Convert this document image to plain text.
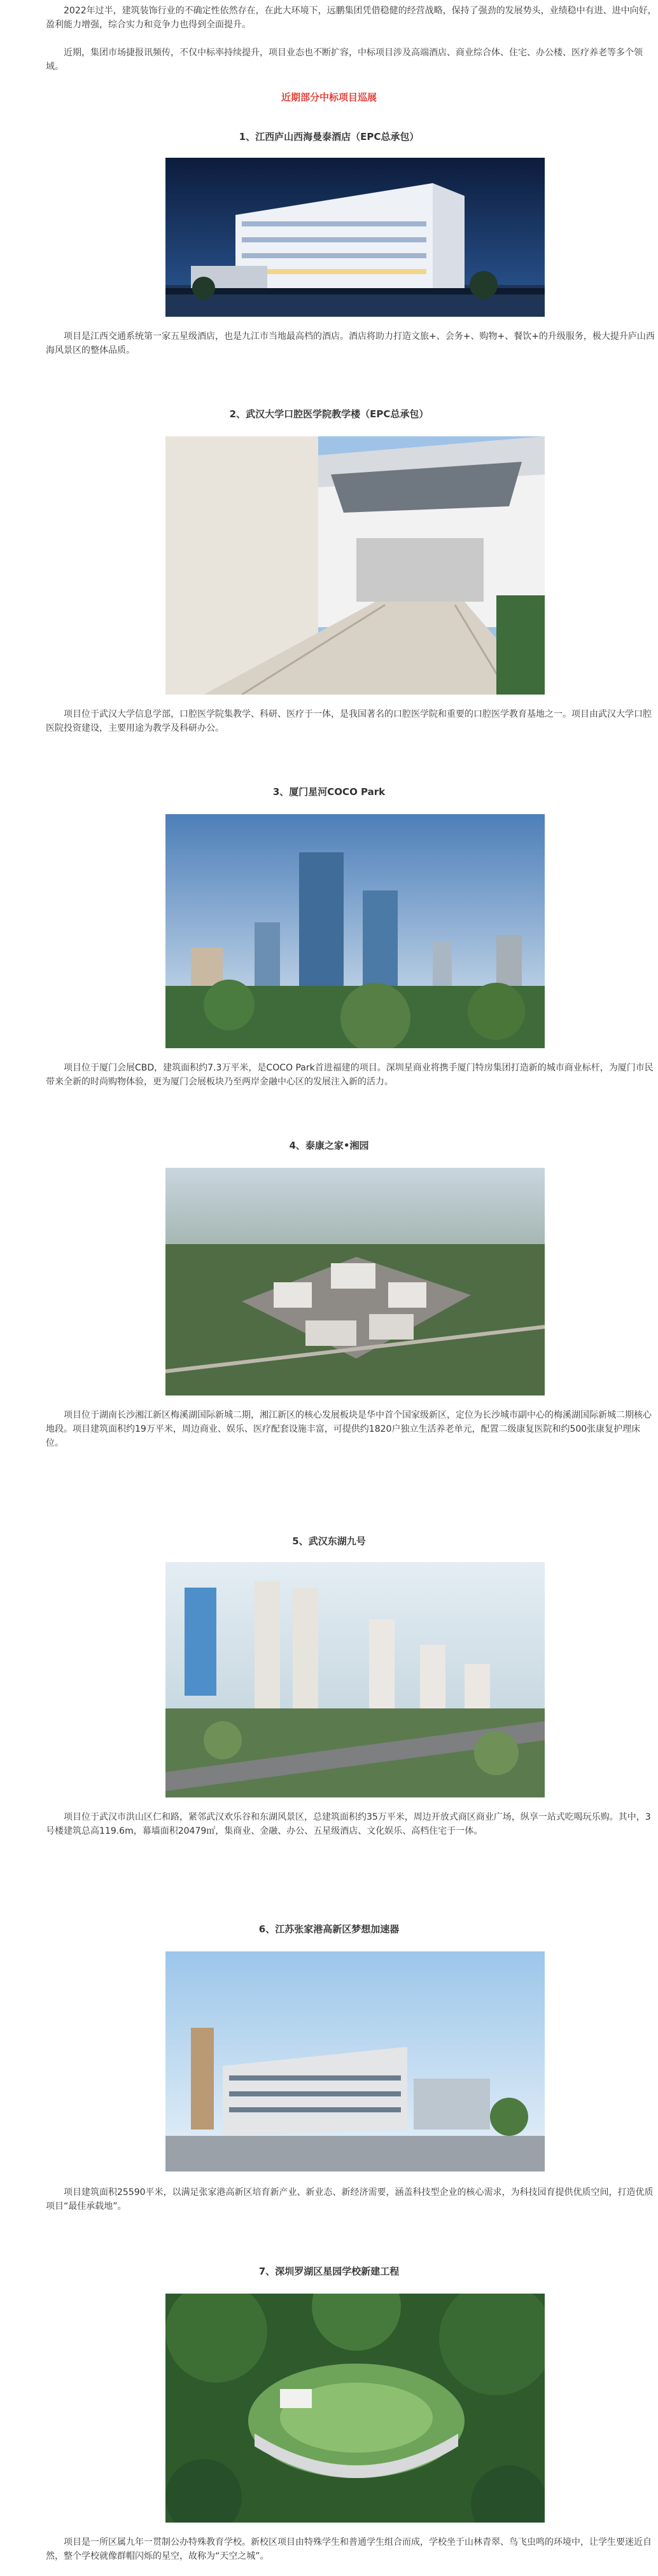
2022年过半，建筑装饰行业的不确定性依然存在，在此大环境下，远鹏集团凭借稳健的经营战略，保持了强劲的发展势头，业绩稳中有进、进中向好，盈利能力增强，综合实力和竞争力也得到全面提升。

近期，集团市场捷报讯频传，不仅中标率持续提升，项目业态也不断扩容，中标项目涉及高端酒店、商业综合体、住宅、办公楼、医疗养老等多个领域。

近期部分中标项目巡展
1、江西庐山西海曼泰酒店（EPC总承包）

项目是江西交通系统第一家五星级酒店，也是九江市当地最高档的酒店。酒店将助力打造文旅+、会务+、购物+、餐饮+的升级服务，极大提升庐山西海风景区的整体品质。

2、武汉大学口腔医学院教学楼（EPC总承包）

项目位于武汉大学信息学部，口腔医学院集教学、科研、医疗于一体，是我国著名的口腔医学院和重要的口腔医学教育基地之一。项目由武汉大学口腔医院投资建设，主要用途为教学及科研办公。

3、厦门星河COCO Park

项目位于厦门会展CBD，建筑面积约7.3万平米，是COCO Park首进福建的项目。深圳星商业将携手厦门特房集团打造新的城市商业标杆，为厦门市民带来全新的时尚购物体验，更为厦门会展板块乃至两岸金融中心区的发展注入新的活力。

4、泰康之家•湘园

项目位于湖南长沙湘江新区梅溪湖国际新城二期，湘江新区的核心发展板块是华中首个国家级新区，定位为长沙城市副中心的梅溪湖国际新城二期核心地段。项目建筑面积约19万平米，周边商业、娱乐、医疗配套设施丰富，可提供约1820户独立生活养老单元，配置二级康复医院和约500张康复护理床位。

5、武汉东湖九号

项目位于武汉市洪山区仁和路，紧邻武汉欢乐谷和东湖风景区，总建筑面积约35万平米，周边开放式商区商业广场，纵享一站式吃喝玩乐购。其中，3号楼建筑总高119.6m，幕墙面积20479㎡，集商业、金融、办公、五星级酒店、文化娱乐、高档住宅于一体。

6、江苏张家港高新区梦想加速器

项目建筑面积25590平米，以满足张家港高新区培育新产业、新业态、新经济需要，涵盖科技型企业的核心需求，为科技园育提供优质空间，打造优质项目“最佳承载地”。

7、深圳罗湖区星园学校新建工程

项目是一所区属九年一贯制公办特殊教育学校。新校区项目由特殊学生和普通学生组合而成，学校坐于山林青翠、鸟飞虫鸣的环境中，让学生要迷近自然，整个学校就像群帽闪烁的星空，故称为“天空之城”。
